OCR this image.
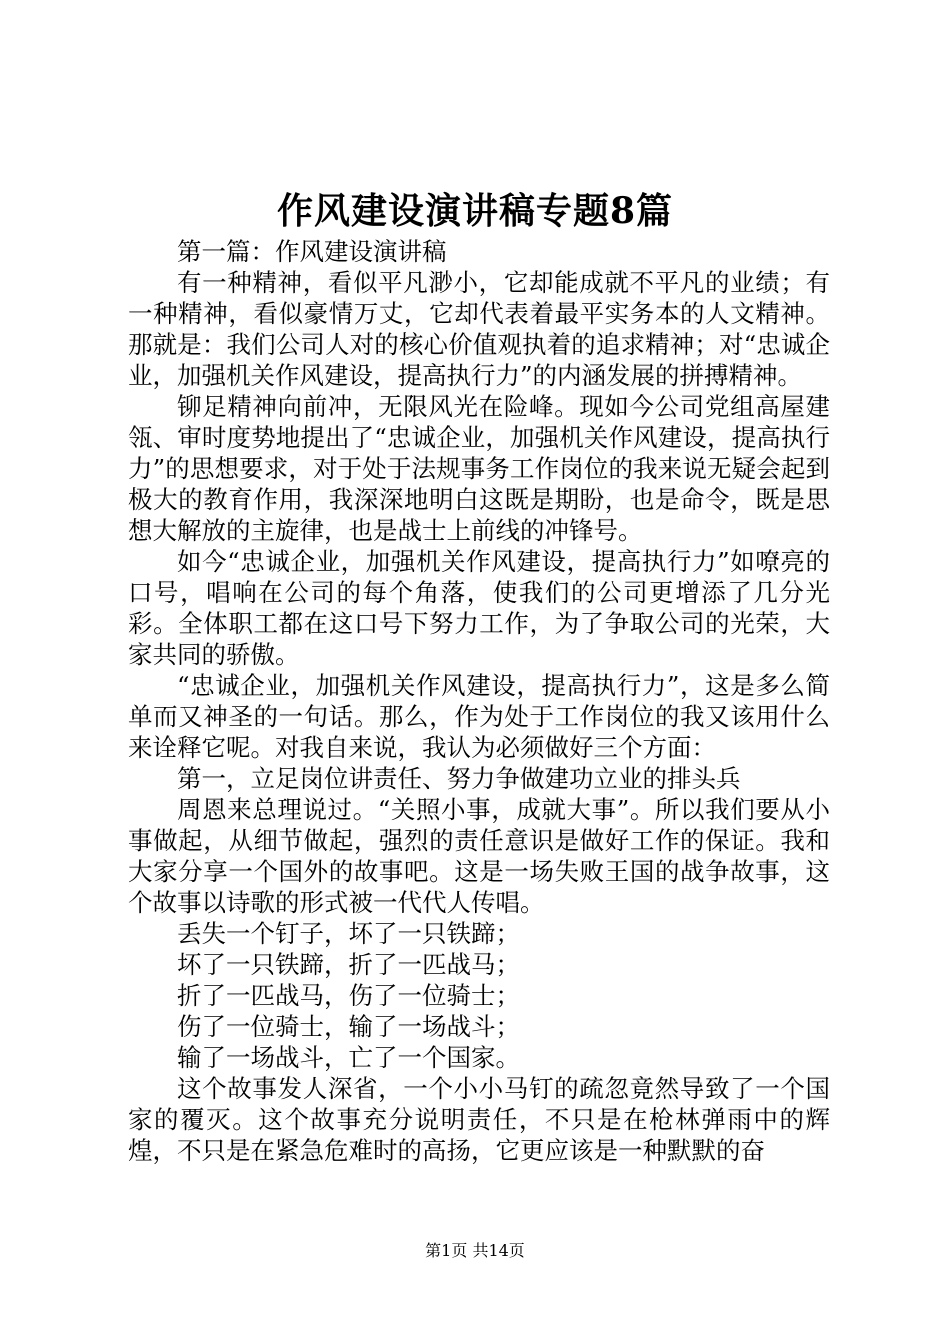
作风建设演讲稿专题8篇

第一篇：作风建设演讲稿

有一种精神，看似平凡渺小，它却能成就不平凡的业绩；有一种精神，看似豪情万丈，它却代表着最平实务本的人文精神。那就是：我们公司人对的核心价值观执着的追求精神；对“忠诚企业，加强机关作风建设，提高执行力”的内涵发展的拼搏精神。

铆足精神向前冲，无限风光在险峰。现如今公司党组高屋建瓴、审时度势地提出了“忠诚企业，加强机关作风建设，提高执行力”的思想要求，对于处于法规事务工作岗位的我来说无疑会起到极大的教育作用，我深深地明白这既是期盼，也是命令，既是思想大解放的主旋律，也是战士上前线的冲锋号。

如今“忠诚企业，加强机关作风建设，提高执行力”如嘹亮的口号，唱响在公司的每个角落，使我们的公司更增添了几分光彩。全体职工都在这口号下努力工作，为了争取公司的光荣，大家共同的骄傲。

“忠诚企业，加强机关作风建设，提高执行力”，这是多么简单而又神圣的一句话。那么，作为处于工作岗位的我又该用什么来诠释它呢。对我自来说，我认为必须做好三个方面：

第一，立足岗位讲责任、努力争做建功立业的排头兵

周恩来总理说过。“关照小事，成就大事”。所以我们要从小事做起，从细节做起，强烈的责任意识是做好工作的保证。我和大家分享一个国外的故事吧。这是一场失败王国的战争故事，这个故事以诗歌的形式被一代代人传唱。

丢失一个钉子，坏了一只铁蹄；

坏了一只铁蹄，折了一匹战马；

折了一匹战马，伤了一位骑士；

伤了一位骑士，输了一场战斗；

输了一场战斗，亡了一个国家。

这个故事发人深省，一个小小马钉的疏忽竟然导致了一个国家的覆灭。这个故事充分说明责任，不只是在枪林弹雨中的辉煌，不只是在紧急危难时的高扬，它更应该是一种默默的奋

第1页 共14页
